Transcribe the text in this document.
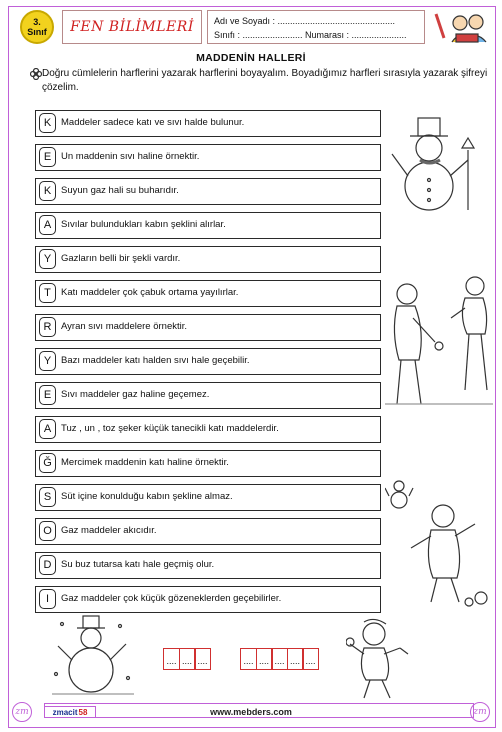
3.
Sınıf FEN BİLİMLERİ Adı ve Soyadı : ...............................................
Sınıfı : ........................ Numarası : ......................
MADDENİN HALLERİ
Doğru cümlelerin harflerini yazarak harflerini boyayalım. Boyadığımız harfleri sırasıyla yazarak şifreyi çözelim.
K	Maddeler sadece katı ve sıvı halde bulunur.
E	Un maddenin sıvı haline örnektir.
K	Suyun gaz hali su buharıdır.
A	Sıvılar bulundukları kabın şeklini alırlar.
Y	Gazların belli bir şekli vardır.
T	Katı maddeler çok çabuk ortama yayılırlar.
R	Ayran sıvı maddelere örnektir.
Y	Bazı maddeler katı halden sıvı hale geçebilir.
E	Sıvı maddeler gaz haline geçemez.
A	Tuz , un , toz şeker küçük tanecikli katı maddelerdir.
Ğ Mercimek maddenin katı haline örnektir.
S	Süt içine konulduğu kabın şekline almaz.
O Gaz maddeler akıcıdır.
D	Su buz tutarsa katı hale geçmiş olur.
I	Gaz maddeler çok küçük gözeneklerden geçebilirler.
.... .... ....	.... .... .... .... ....
zmacit 58	www.mebders.com
zm	zm
